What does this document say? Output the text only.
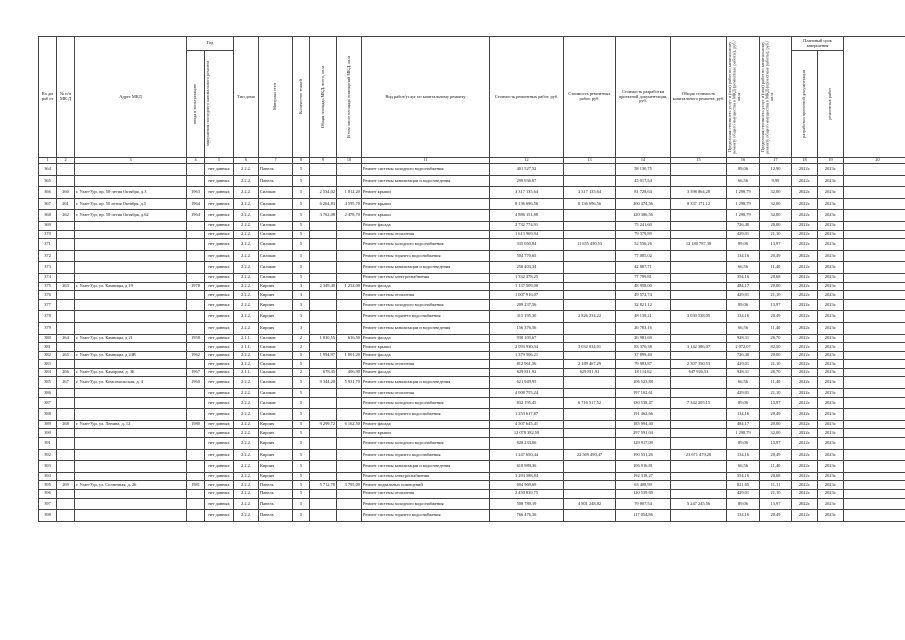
Во ды раб от	№ п/п МК Д	Адрес МКД	Год		Тип дома	Материал стен	Количество этажей	Общая площадь МКД, всего, кв.м	В том числе площадь помещений МКД, кв.м	Вид работ/услуг по капитальному ремонту	Стоимость ремонтных работ, руб.	Стоимость ремонтных работ, руб.	Стоимость разработки проектной документации, руб.	Общая стоимость капитального ремонта, руб.	Предельная стоимость услуг и (или) работ по капитальному ремонту общего имущества в МКД (ремонтные работы), руб./кв.м	Предельная стоимость услуг и (или) работ по капитальному ремонту общего имущества в МКД (проектные работы), руб./кв.м	Плановый срок завершения		

			ввода в эксплуатацию	завершения последнего капитального ремонта													разработки проектной документации	ремонтных работ	

1	2	3	4	5	6	7	8	9	10	11	12	13	14	15	16	17	18	19	20
364				нет данных	2.2.2.	Панель	5			Ремонт системы холодного водоснабжения	401 527,52		58 130,75		89,06	12,90	2022г.	2023г.	
365				нет данных	2.2.2.	Панель	5			Ремонт системы канализации и водоотведения	299 936,67		45 017,54		66,56	9,99	2022г.	2023г.	
366	260	г. Улан-Удэ, пр. 50-летия Октября, д.3	1963	нет данных	2.2.2.	Силикат.	5	2 534,02	1 812,20	Ремонт крыши	3 317 135,64	3 317 135,64	81 728,64	3 398 864,28	1 298,79	32,00	2022г.	2023г.	
367	261	г. Улан-Удэ, пр. 50 летия Октября, д.5	1964	нет данных	2.2.2.	Силикат.	5	6 264,83	4 595,70	Ремонт крыши	8 136 696,56	8 136 696,56	200 474,56	8 337 171,12	1 298,79	32,00	2022г.	2023г.	
368	262	г. Улан-Удэ, пр. 50-летия Октября, д.62	1964	нет данных	2.2.2.	Силикат.	5	3 762,08	2 478,70	Ремонт крыши	4 886 151,88		120 386,56		1 298,79	32,00	2022г.	2023г.	
369				нет данных	2.2.2.	Силикат.	5			Ремонт фасада	2 732 774,91		75 241,60		726,40	20,00	2022г.	2023г.	
370				нет данных	2.2.2.	Силикат.	5			Ремонт системы отопления	1 613 969,94		79 379,89		429,01	21,10	2022г.	2023г.	
371				нет данных	2.2.2.	Силикат.	5			Ремонт системы холодного водоснабжения	335 050,84	11 655 450,53	52 556,26	12 180 787,38	89,06	13,97	2022г.	2023г.	
372				нет данных	2.2.2.	Силикат.	5			Ремонт системы горячего водоснабжения	504 770,65		77 085,02		134,16	20,49	2022г.	2023г.	
373				нет данных	2.2.2.	Силикат.	5			Ремонт системы канализации и водоотведения	250 404,34		42 887,71		66,56	11,40	2022г.	2023г.	
374				нет данных	2.2.2.	Силикат.	5			Ремонт системы электроснабжения	1 332 378,25		77 799,81		354,16	20,68	2022г.	2023г.	
375	263	г. Улан-Удэ, ул. Камницы, д 19	1978	нет данных	2.2.2.	Кирпич	3	2 349,40	1 252,00	Ремонт фасада	1 137 509,00		48 958,00		484,17	20,00	2022г.	2023г.	
376				нет данных	2.2.2.	Кирпич	3			Ремонт системы отопления	1 007 916,07		49 572,74		429,01	21,10	2022г.	2023г.	
377				нет данных	2.2.2.	Кирпич	3			Ремонт системы холодного водоснабжения	209 237,56		32 821,12		89,06	13,97	2022г.	2023г.	
378				нет данных	2.2.2.	Кирпич	3			Ремонт системы горячего водоснабжения	315 195,30	2 826 234,22	48 139,21	3 030 538,05	134,16	20,49	2022г.	2023г.	
379				нет данных	2.2.2.	Кирпич	3			Ремонт системы канализации и водоотведения	156 376,56		26 783,16		66,56	11,40	2022г.	2023г.	
380	264	г. Улан-Удэ, ул. Камницы, д 21	1958	нет данных	2.1.1.	Силикат.	2	1 010,55	616,50	Ремонт фасада	938 103,67		26 981,69		928,31	26,70	2022г.	2023г.	
381				нет данных	2.1.1.	Силикат.	2			Ремонт крыши	2 093 930,34	3 032 034,01	83 370,38	3 142 386,07	2 072,07	82,50	2022г.	2023г.	
382	265	г. Улан-Удэ, ул. Камницы, д 24В	1962	нет данных	2.2.2.	Силикат.	5	1 994,97	1 001,20	Ремонт фасада	1 379 506,21		37 899,40		726,40	20,00	2022г.	2023г.	
383				нет данных	2.2.2.	Силикат.	5			Ремонт системы отопления	812 961,56	2 189 467,29	79 983,87	2 307 350,53	429,01	21,10	2022г.	2023г.	
384	266	г. Улан-Удэ, ул. Камарова, д. 3Б	1967	нет данных	2.1.1.	Силикат.	2	678,45	406,90	Ремонт фасада	629 811,92	629 811,92	18 114,62	647 926,53	928,31	26,70	2022г.	2023г.	
385	267	г. Улан-Удэ, ул. Комсомольская, д. 4	1960	нет данных	2.2.2.	Силикат.	5	9 344,20	5 931,70	Ремонт системы канализации и водоотведения	621 949,95		106 523,88		66,56	11,40	2022г.	2023г.	
386				нет данных	2.2.2.	Силикат.	5			Ремонт системы отопления	4 008 755,24		197 162,61		429,01	21,10	2022г.	2023г.	
387				нет данных	2.2.2.	Силикат.	5			Ремонт системы холодного водоснабжения	832 195,45	6 716 517,52	130 538,47	7 342 205,15	89,06	13,97	2022г.	2023г.	
388				нет данных	2.2.2.	Силикат.	5			Ремонт системы горячего водоснабжения	1 253 617,87		191 462,66		134,16	20,49	2022г.	2023г.	
389	268	г. Улан-Удэ, ул. Ленина, д. 12	1980	нет данных	2.2.2.	Кирпич	5	9 299,72	6 162,50	Ремонт фасада	4 507 645,41		185 994,40		484,17	20,00	2022г.	2023г.	
390				нет данных	2.2.2.	Кирпич	5			Ремонт крыши	12 078 382,59		297 591,04		1 298,79	32,00	2022г.	2023г.	
391				нет данных	2.2.2.	Кирпич	5			Ремонт системы холодного водоснабжения	828 233,06		129 917,09		89,06	13,97	2022г.	2023г.	
392				нет данных	2.2.2.	Кирпич	5			Ремонт системы горячего водоснабжения	1 247 650,44	22 569 490,47	190 551,26	23 671 479,28	134,16	20,49	2022г.	2023г.	
393				нет данных	2.2.2.	Кирпич	5			Ремонт системы канализации и водоотведения	618 989,36		106 016,81		66,56	11,40	2022г.	2023г.	
394				нет данных	2.2.2.	Кирпич	5			Ремонт системы электроснабжения	3 293 588,84		192 318,27		354,16	20,68	2022г.	2023г.	
395	269	г. Улан-Удэ, ул. Солнечная, д. 26	1981	нет данных	2.2.2.	Панель	5	5 712,78	3 795,00	Ремонт подвальных помещений	694 969,69		63 408,99		821,65	11,11	2022г.	2023г.	
396				нет данных	2.2.2.	Панель	5			Ремонт системы отопления	2 450 839,75		120 539,69		429,01	21,10	2022г.	2023г.	
397				нет данных	2.2.2.	Панель	5			Ремонт системы холодного водоснабжения	508 780,19	4 801 248,82	79 807,54	5 247 245,56	89,06	13,97	2022г.	2023г.	
398				нет данных	2.2.2.	Панель	5			Ремонт системы горячего водоснабжения	766 476,36		117 054,86		134,16	20,49	2022г.	2023г.	
